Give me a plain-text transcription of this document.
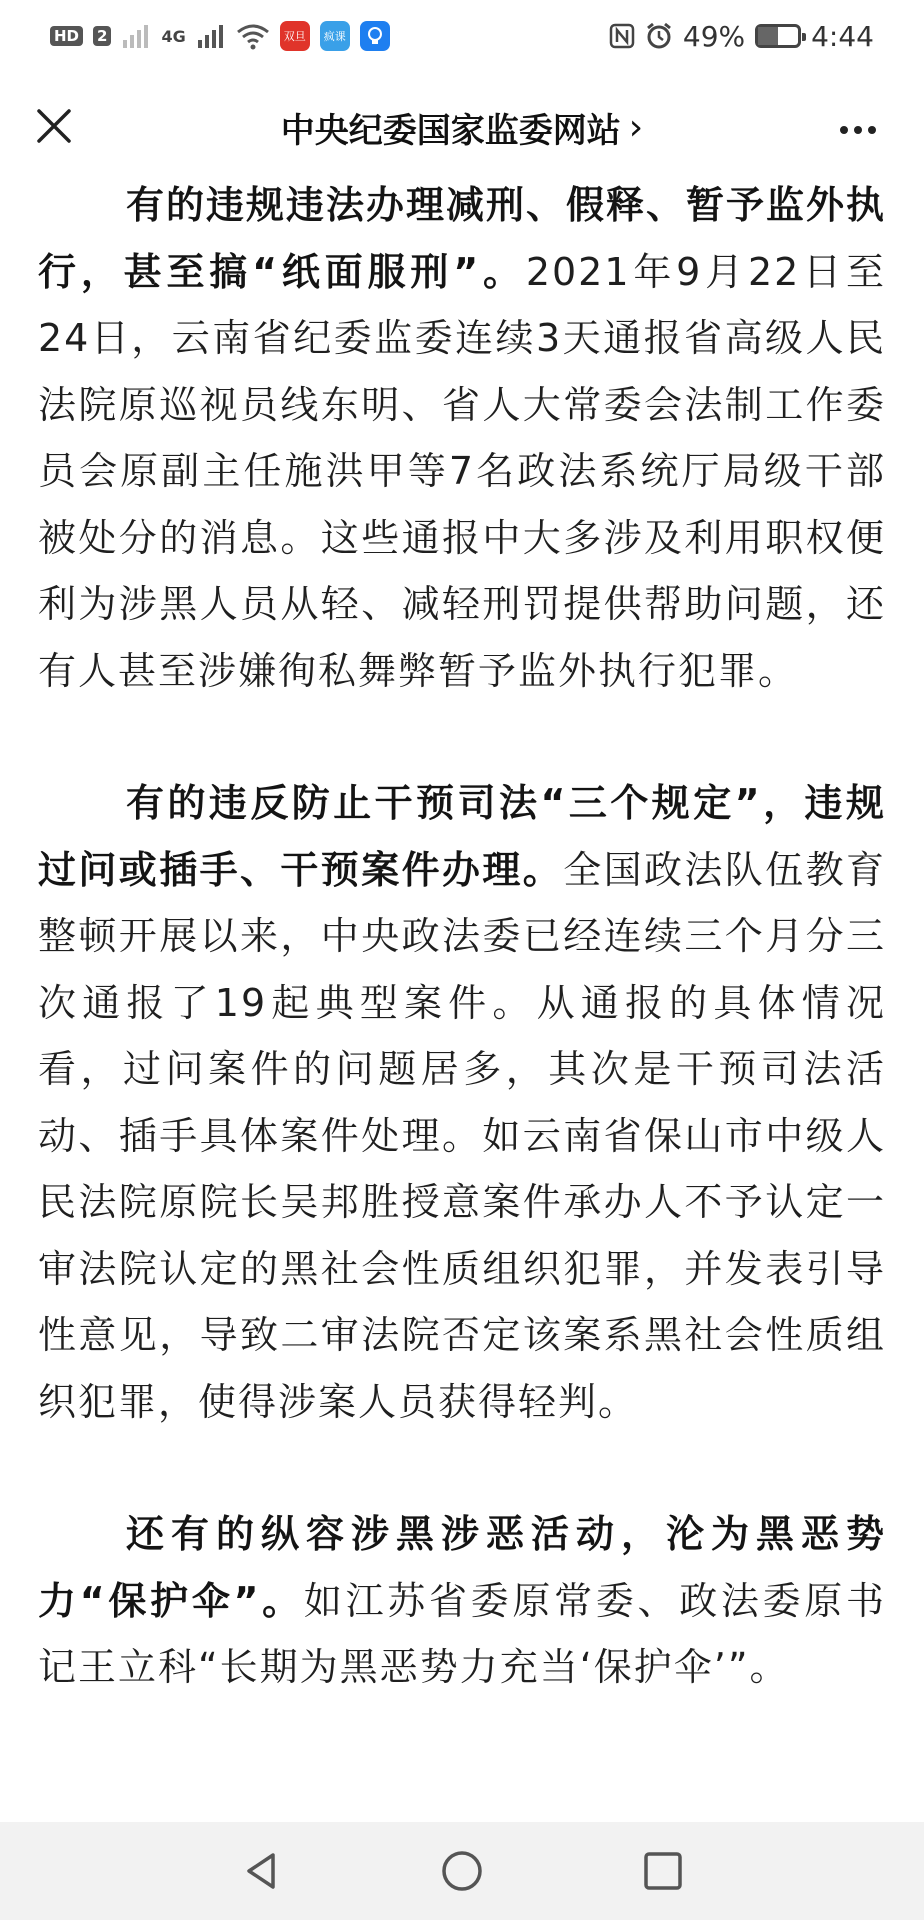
HD 2	4G	双旦	疯课	49% 4:44
中央纪委国家监委网站 ›

有的违规违法办理减刑、假释、暂予监外执行，甚至搞“纸面服刑”。2021年9月22日至24日，云南省纪委监委连续3天通报省高级人民法院原巡视员线东明、省人大常委会法制工作委员会原副主任施洪甲等7名政法系统厅局级干部被处分的消息。这些通报中大多涉及利用职权便利为涉黑人员从轻、减轻刑罚提供帮助问题，还有人甚至涉嫌徇私舞弊暂予监外执行犯罪。

有的违反防止干预司法“三个规定”，违规过问或插手、干预案件办理。全国政法队伍教育整顿开展以来，中央政法委已经连续三个月分三次通报了19起典型案件。从通报的具体情况看，过问案件的问题居多，其次是干预司法活动、插手具体案件处理。如云南省保山市中级人民法院原院长吴邦胜授意案件承办人不予认定一审法院认定的黑社会性质组织犯罪，并发表引导性意见，导致二审法院否定该案系黑社会性质组织犯罪，使得涉案人员获得轻判。

还有的纵容涉黑涉恶活动，沦为黑恶势力“保护伞”。如江苏省委原常委、政法委原书记王立科“长期为黑恶势力充当‘保护伞’”。
